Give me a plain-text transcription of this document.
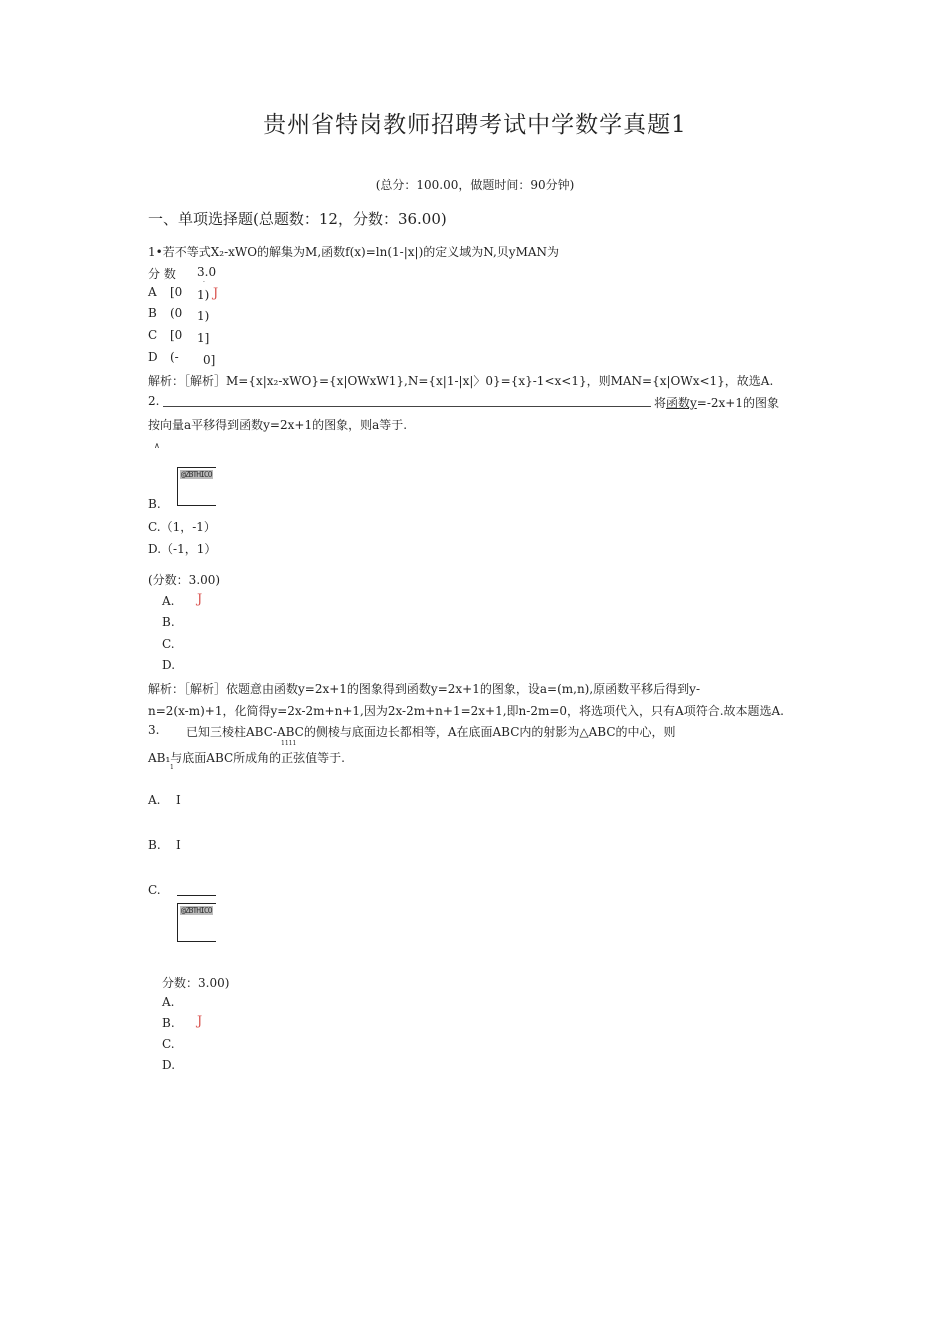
贵州省特岗教师招聘考试中学数学真题1
(总分：100.00，做题时间：90分钟)
一、单项选择题(总题数：12，分数：36.00)
1•若不等式X₂-xWO的解集为M,函数f(x)=ln(1-|x|)的定义域为N,贝yMAN为
分 数 3.0
·
A [0 1) J
B (0 1)
C [0 1]
D (- 0]
解析：［解析］M={x|x₂-xWO}={x|OWxW1},N={x|1-|x|〉0}={x}-1<x<1}，则MAN={x|OWx<1}，故选A.
2.	将函数y=-2x+1的图象
按向量a平移得到函数y=2x+1的图象，则a等于.
∧
@ZBTHICO
B.
C.（1，-1）
D.（-1，1）
(分数：3.00)
A. J
B.
C.
D.
解析：［解析］依题意由函数y=2x+1的图象得到函数y=2x+1的图象，设a=(m,n),原函数平移后得到y-
n=2(x-m)+1，化简得y=2x-2m+n+1,因为2x-2m+n+1=2x+1,即n-2m=0，将选项代入，只有A项符合.故本题选A.
3. 已知三棱柱ABC-ABC的侧棱与底面边长都相等，A在底面ABC内的射影为△ABC的中心，则
1111
AB₁与底面ABC所成角的正弦值等于.
1
A. I
B. I
C.
@ZBTHICO
分数：3.00)
A.
B. J
C.
D.
